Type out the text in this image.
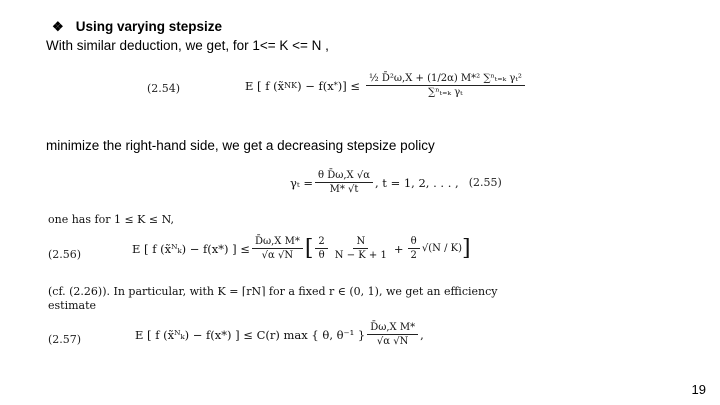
❖ Using varying stepsize
With similar deduction, we get, for 1<= K <= N ,
(2.54)	E [ f (x̃ N K ) − f(x * )] ≤ $\frac{\text{½ D̄²ω,X + (1/2α) M*² ∑ⁿₜ₌ₖ γₜ²}}{\text{∑ⁿₜ₌ₖ γₜ}}$
minimize the right-hand side, we get a decreasing stepsize policy
$\gamma_t = \frac{\text{θ D̄ω,X √α}}{M* √t}$ , t = 1, 2, . . . , (2.55)
one has for 1 ≤ K ≤ N,
(2.56)	E [ f (x̃ᴺₖ) − f(x*) ] ≤ $\frac{\text{D̄ω,X M*}}{√\alpha √N}$ [ $\frac{2}{\theta} \frac{N}{N - K + 1} + \frac{\theta}{2} √(N / K)$ ]
(cf. (2.26)). In particular, with K = ⌈rN⌉ for a fixed r ∈ (0, 1), we get an efficiency
estimate
(2.57)	E [ f (x̃ᴺₖ) − f(x*) ] ≤ C(r) max { θ, θ⁻¹ } $\frac{\text{D̄ω,X M*}}{√\alpha √N}$ ,
19
